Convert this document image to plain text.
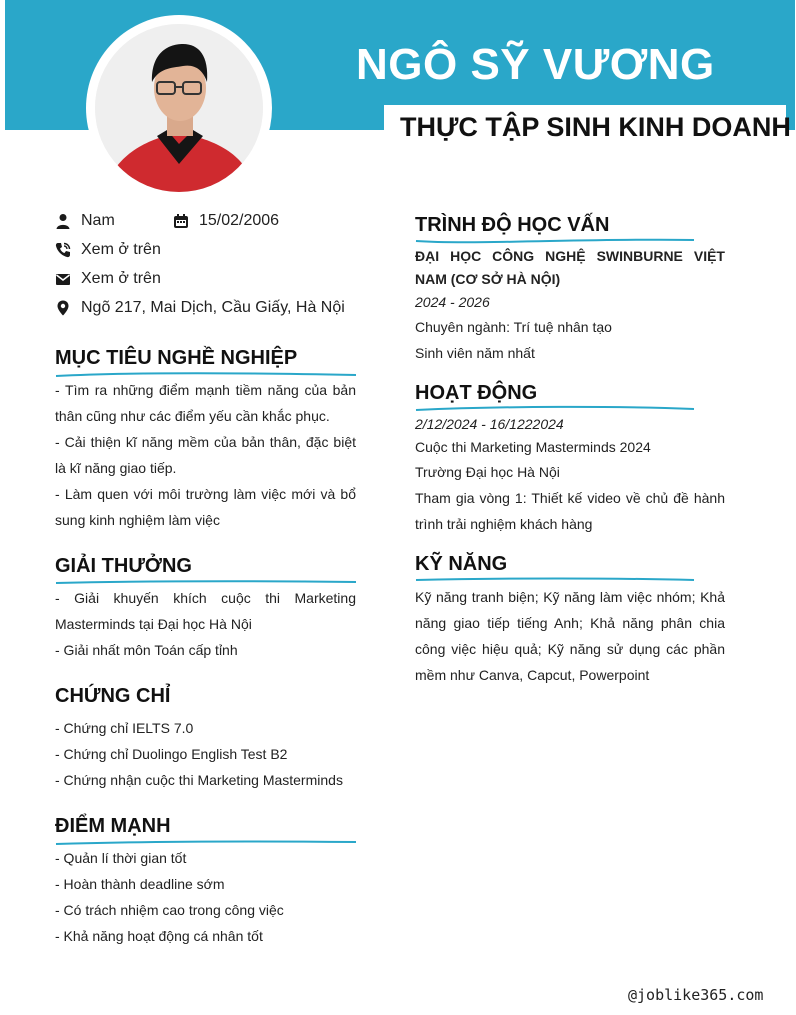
NGÔ SỸ VƯƠNG
THỰC TẬP SINH KINH DOANH
Nam	15/02/2006
Xem ở trên
Xem ở trên
Ngõ 217, Mai Dịch, Cầu Giấy, Hà Nội
MỤC TIÊU NGHỀ NGHIỆP

- Tìm ra những điểm mạnh tiềm năng của bản thân cũng như các điểm yếu cần khắc phục.

- Cải thiện kĩ năng mềm của bản thân, đặc biệt là kĩ năng giao tiếp.

- Làm quen với môi trường làm việc mới và bổ sung kinh nghiệm làm việc

GIẢI THƯỞNG

- Giải khuyến khích cuộc thi Marketing Masterminds tại Đại học Hà Nội

- Giải nhất môn Toán cấp tỉnh

CHỨNG CHỈ

- Chứng chỉ IELTS 7.0

- Chứng chỉ Duolingo English Test B2

- Chứng nhận cuộc thi Marketing Masterminds

ĐIỂM MẠNH

- Quản lí thời gian tốt

- Hoàn thành deadline sớm

- Có trách nhiệm cao trong công việc

- Khả năng hoạt động cá nhân tốt

TRÌNH ĐỘ HỌC VẤN
ĐẠI HỌC CÔNG NGHỆ SWINBURNE VIỆT NAM (CƠ SỞ HÀ NỘI)
2024 - 2026
Chuyên ngành: Trí tuệ nhân tạo
Sinh viên năm nhất
HOẠT ĐỘNG
2/12/2024 - 16/1222024
Cuộc thi Marketing Masterminds 2024
Trường Đại học Hà Nội
Tham gia vòng 1: Thiết kế video về chủ đề hành trình trải nghiệm khách hàng
KỸ NĂNG
Kỹ năng tranh biện; Kỹ năng làm việc nhóm; Khả năng giao tiếp tiếng Anh; Khả năng phân chia công việc hiệu quả; Kỹ năng sử dụng các phần mềm như Canva, Capcut, Powerpoint
@joblike365.com
